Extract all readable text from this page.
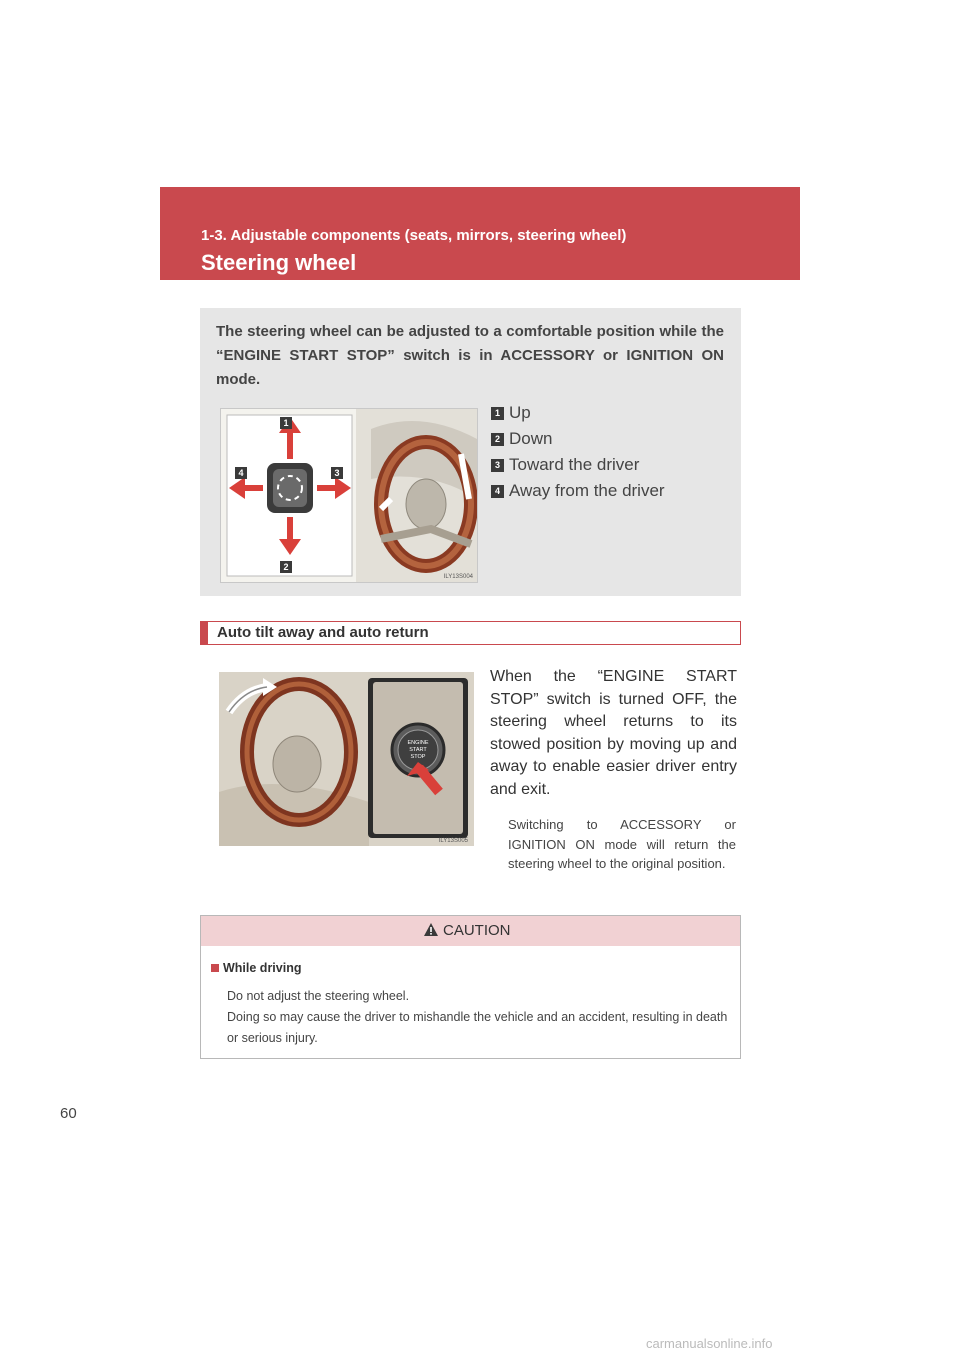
1-3. Adjustable components (seats, mirrors, steering wheel)
Steering wheel
The steering wheel can be adjusted to a comfortable position while the “ENGINE START STOP” switch is in ACCESSORY or IGNITION ON mode.
1
2
3
4
ILY13S004
1 Up
2 Down
3 Toward the driver
4 Away from the driver
Auto tilt away and auto return
ENGINE
START
STOP
ILY13S005
When the “ENGINE START STOP” switch is turned OFF, the steering wheel returns to its stowed position by moving up and away to enable easier driver entry and exit.
Switching to ACCESSORY or IGNITION ON mode will return the steering wheel to the original position.
CAUTION
While driving
Do not adjust the steering wheel.
Doing so may cause the driver to mishandle the vehicle and an accident, resulting in death or serious injury.
60
carmanualsonline.info
